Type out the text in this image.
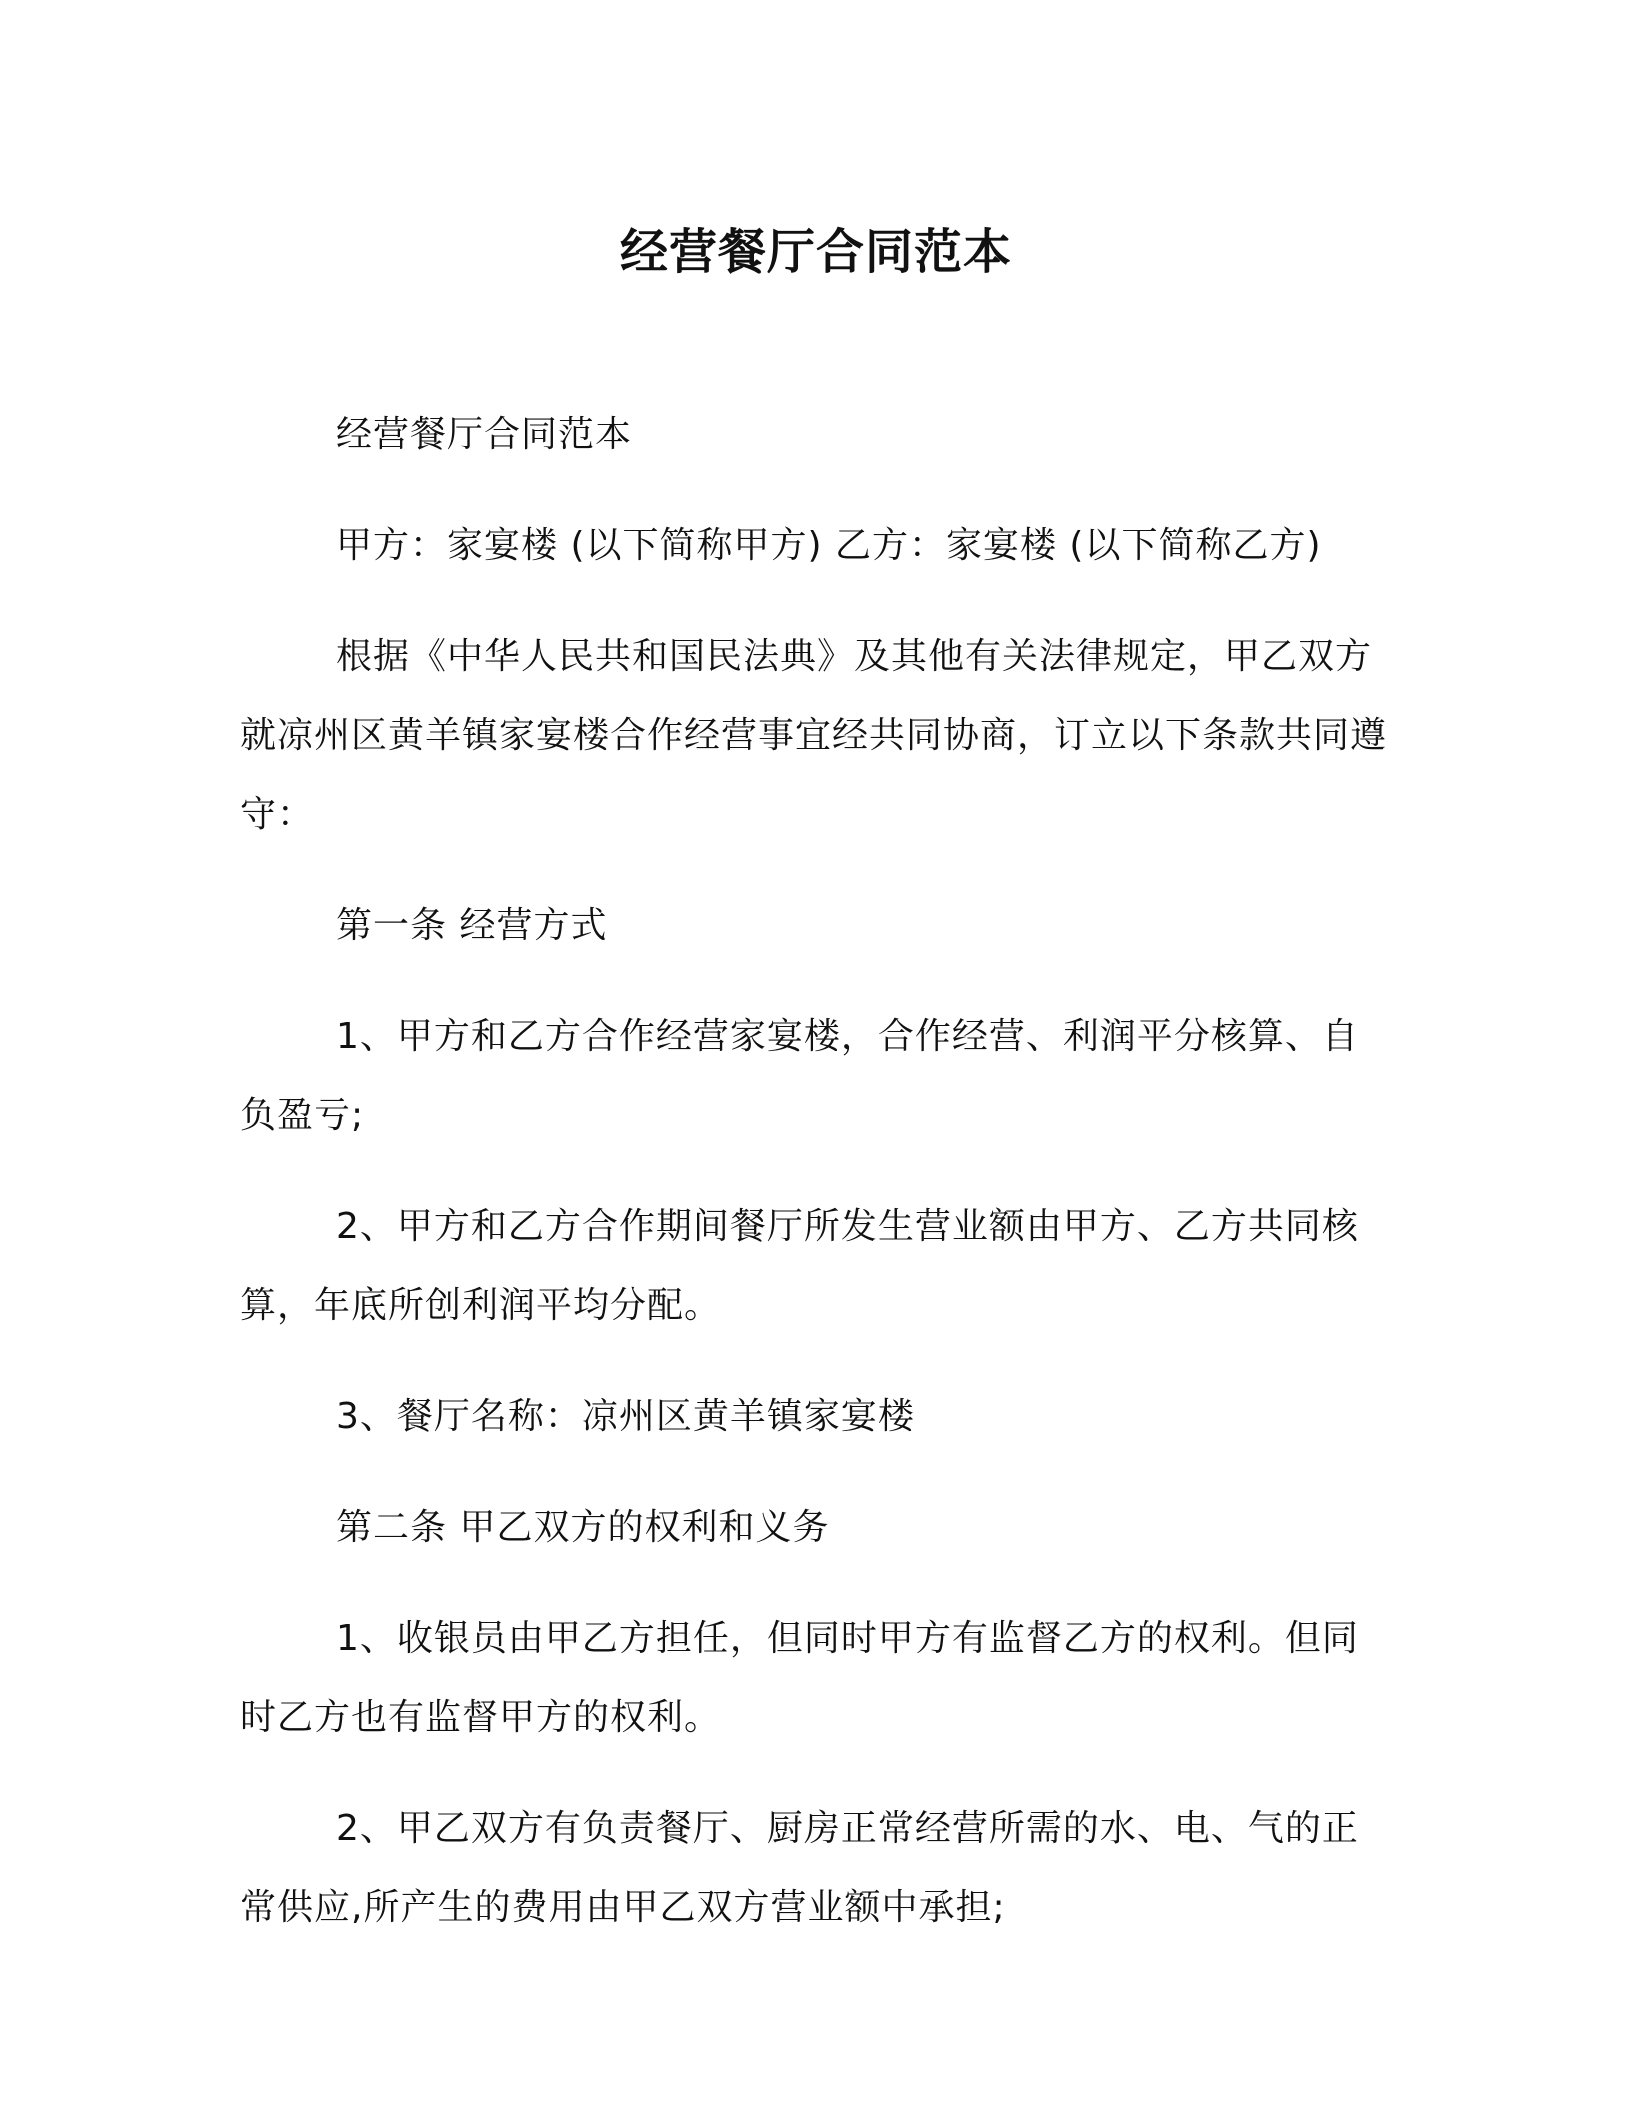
经营餐厅合同范本

经营餐厅合同范本

甲方：家宴楼 (以下简称甲方) 乙方：家宴楼 (以下简称乙方)

根据《中华人民共和国民法典》及其他有关法律规定，甲乙双方就凉州区黄羊镇家宴楼合作经营事宜经共同协商，订立以下条款共同遵守：

第一条 经营方式

1、甲方和乙方合作经营家宴楼，合作经营、利润平分核算、自负盈亏;

2、甲方和乙方合作期间餐厅所发生营业额由甲方、乙方共同核算，年底所创利润平均分配。

3、餐厅名称：凉州区黄羊镇家宴楼

第二条 甲乙双方的权利和义务

1、收银员由甲乙方担任，但同时甲方有监督乙方的权利。但同时乙方也有监督甲方的权利。

2、甲乙双方有负责餐厅、厨房正常经营所需的水、电、气的正常供应,所产生的费用由甲乙双方营业额中承担;
